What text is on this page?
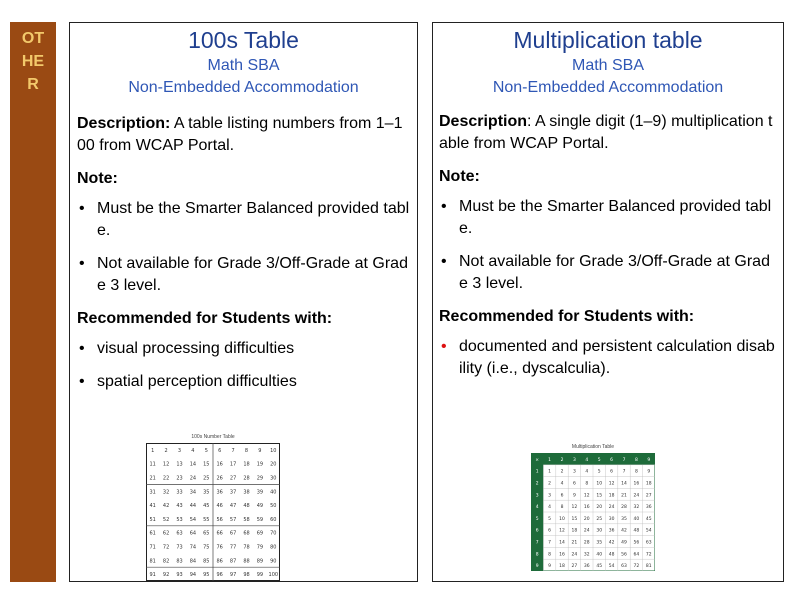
OT
HE
R
100s Table
Math SBA
Non-Embedded Accommodation
Description: A table listing numbers from 1–100 from WCAP Portal.
Note:
• Must be the Smarter Balanced provided table.
• Not available for Grade 3/Off-Grade at Grade 3 level.
Recommended for Students with:
• visual processing difficulties
• spatial perception difficulties
100s Number Table
1 2 3 4 5 6 7 8 9 10
11 12 13 14 15 16 17 18 19 20
21 22 23 24 25 26 27 28 29 30
31 32 33 34 35 36 37 38 39 40
41 42 43 44 45 46 47 48 49 50
51 52 53 54 55 56 57 58 59 60
61 62 63 64 65 66 67 68 69 70
71 72 73 74 75 76 77 78 79 80
81 82 83 84 85 86 87 88 89 90
91 92 93 94 95 96 97 98 99 100
Multiplication table
Math SBA
Non-Embedded Accommodation
Description: A single digit (1–9) multiplication table from WCAP Portal.
Note:
• Must be the Smarter Balanced provided table.
• Not available for Grade 3/Off-Grade at Grade 3 level.
Recommended for Students with:
• documented and persistent calculation disability (i.e., dyscalculia).
Multiplication Table
× 1 2 3 4 5 6 7 8 9
1 1 2 3 4 5 6 7 8 9
2 2 4 6 8 10 12 14 16 18
3 3 6 9 12 15 18 21 24 27
4 4 8 12 16 20 24 28 32 36
5 5 10 15 20 25 30 35 40 45
6 6 12 18 24 30 36 42 48 54
7 7 14 21 28 35 42 49 56 63
8 8 16 24 32 40 48 56 64 72
9 9 18 27 36 45 54 63 72 81
